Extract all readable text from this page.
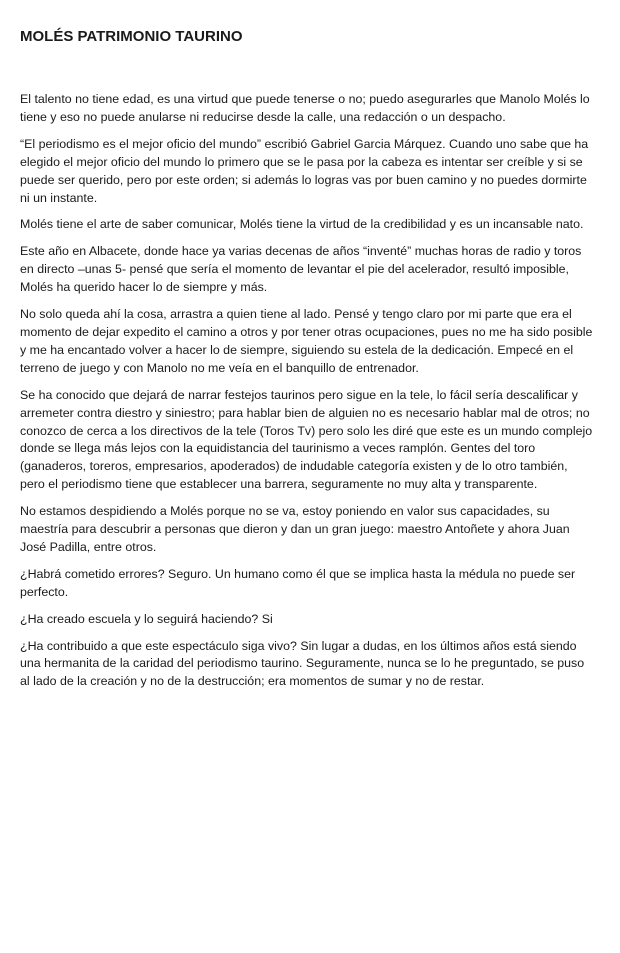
MOLÉS PATRIMONIO TAURINO

El talento no tiene edad, es una virtud que puede tenerse o no; puedo asegurarles que Manolo Molés lo tiene y eso no puede anularse ni reducirse desde la calle, una redacción o un despacho.

“El periodismo es el mejor oficio del mundo” escribió Gabriel Garcia Márquez. Cuando uno sabe que ha elegido el mejor oficio del mundo lo primero que se le pasa por la cabeza es intentar ser creíble y si se puede ser querido, pero por este orden; si además lo logras vas por buen camino y no puedes dormirte ni un instante.

Molés tiene el arte de saber comunicar, Molés tiene la virtud de la credibilidad y es un incansable nato.

Este año en Albacete, donde hace ya varias decenas de años “inventé” muchas horas de radio y toros en directo –unas 5- pensé que sería el momento de levantar el pie del acelerador, resultó imposible, Molés ha querido hacer lo de siempre y más.

No solo queda ahí la cosa, arrastra a quien tiene al lado. Pensé y tengo claro por mi parte que era el momento de dejar expedito el camino a otros y por tener otras ocupaciones, pues no me ha sido posible y me ha encantado volver a hacer lo de siempre, siguiendo su estela de la dedicación. Empecé en el terreno de juego y con Manolo no me veía en el banquillo de entrenador.

Se ha conocido que dejará de narrar festejos taurinos pero sigue en la tele, lo fácil sería descalificar y arremeter contra diestro y siniestro; para hablar bien de alguien no es necesario hablar mal de otros; no conozco de cerca a los directivos de la tele (Toros Tv) pero solo les diré que este es un mundo complejo donde se llega más lejos con la equidistancia del taurinismo a veces ramplón. Gentes del toro (ganaderos, toreros, empresarios, apoderados) de indudable categoría existen y de lo otro también, pero el periodismo tiene que establecer una barrera, seguramente no muy alta y transparente.

No estamos despidiendo a Molés porque no se va, estoy poniendo en valor sus capacidades, su maestría para descubrir a personas que dieron y dan un gran juego: maestro Antoñete y ahora Juan José Padilla, entre otros.

¿Habrá cometido errores? Seguro. Un humano como él que se implica hasta la médula no puede ser perfecto.

¿Ha creado escuela y lo seguirá haciendo? Si

¿Ha contribuido a que este espectáculo siga vivo? Sin lugar a dudas, en los últimos años está siendo una hermanita de la caridad del periodismo taurino. Seguramente, nunca se lo he preguntado, se puso al lado de la creación y no de la destrucción; era momentos de sumar y no de restar.
